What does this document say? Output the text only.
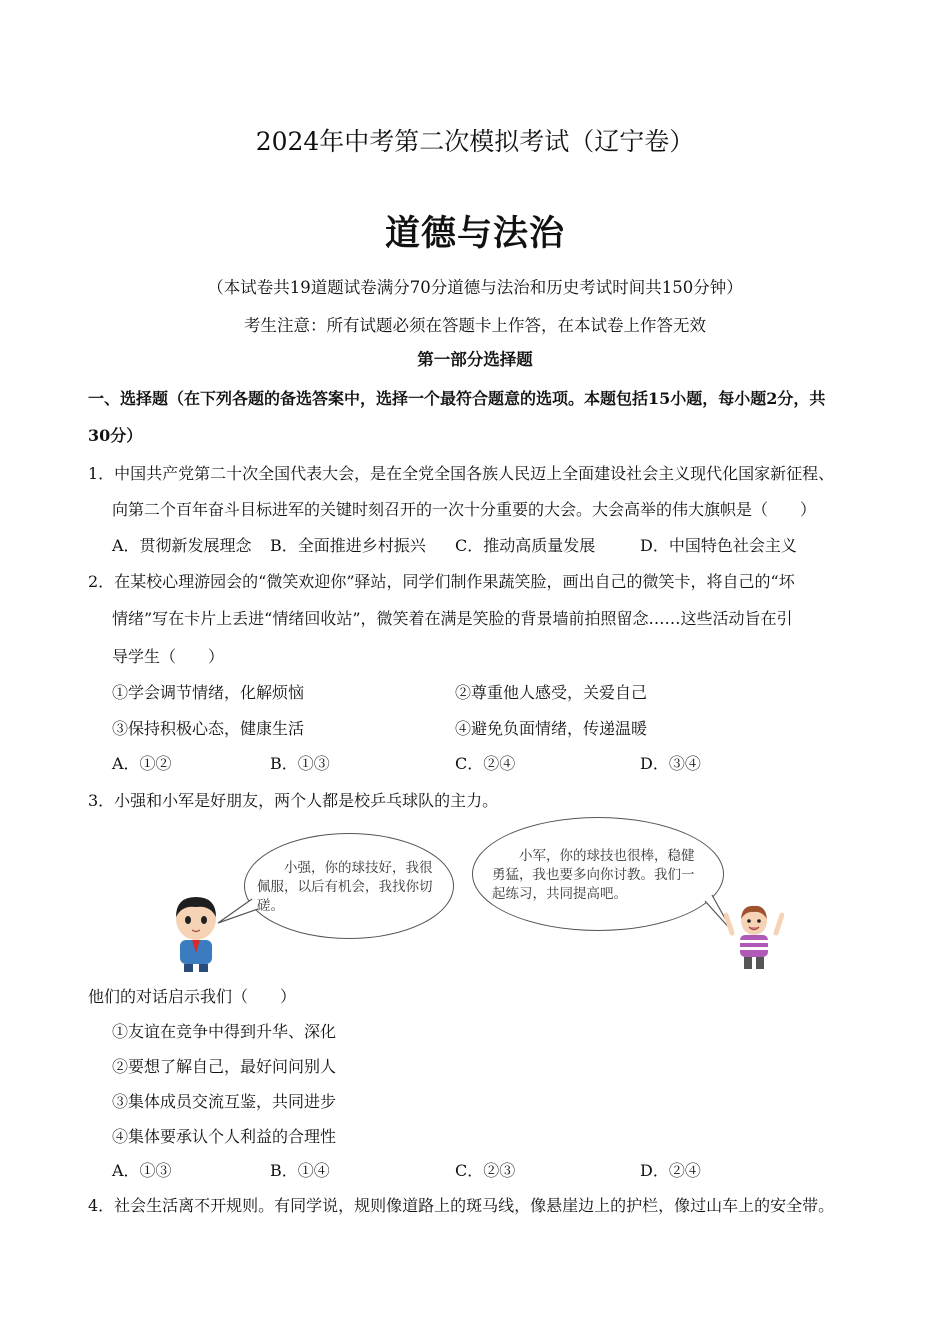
2024年中考第二次模拟考试（辽宁卷）
道德与法治
（本试卷共19道题试卷满分70分道德与法治和历史考试时间共150分钟）
考生注意：所有试题必须在答题卡上作答，在本试卷上作答无效
第一部分选择题
一、选择题（在下列各题的备选答案中，选择一个最符合题意的选项。本题包括15小题，每小题2分，共
30分）
1．中国共产党第二十次全国代表大会，是在全党全国各族人民迈上全面建设社会主义现代化国家新征程、
向第二个百年奋斗目标进军的关键时刻召开的一次十分重要的大会。大会高举的伟大旗帜是（　　）
A．贯彻新发展理念 B．全面推进乡村振兴 C．推动高质量发展	D．中国特色社会主义
2．在某校心理游园会的“微笑欢迎你”驿站，同学们制作果蔬笑脸，画出自己的微笑卡，将自己的“坏
情绪”写在卡片上丢进“情绪回收站”，微笑着在满是笑脸的背景墙前拍照留念……这些活动旨在引
导学生（　　）
①学会调节情绪，化解烦恼	②尊重他人感受，关爱自己
③保持积极心态，健康生活	④避免负面情绪，传递温暖
A．①②	B．①③	C．②④	D．③④
3．小强和小军是好朋友，两个人都是校乒乓球队的主力。
小强，你的球技好，我很佩服，以后有机会，我找你切磋。
小军，你的球技也很棒，稳健勇猛，我也要多向你讨教。我们一起练习，共同提高吧。
他们的对话启示我们（　　）
①友谊在竞争中得到升华、深化
②要想了解自己，最好问问别人
③集体成员交流互鉴，共同进步
④集体要承认个人利益的合理性
A．①③	B．①④	C．②③	D．②④
4．社会生活离不开规则。有同学说，规则像道路上的斑马线，像悬崖边上的护栏，像过山车上的安全带。
